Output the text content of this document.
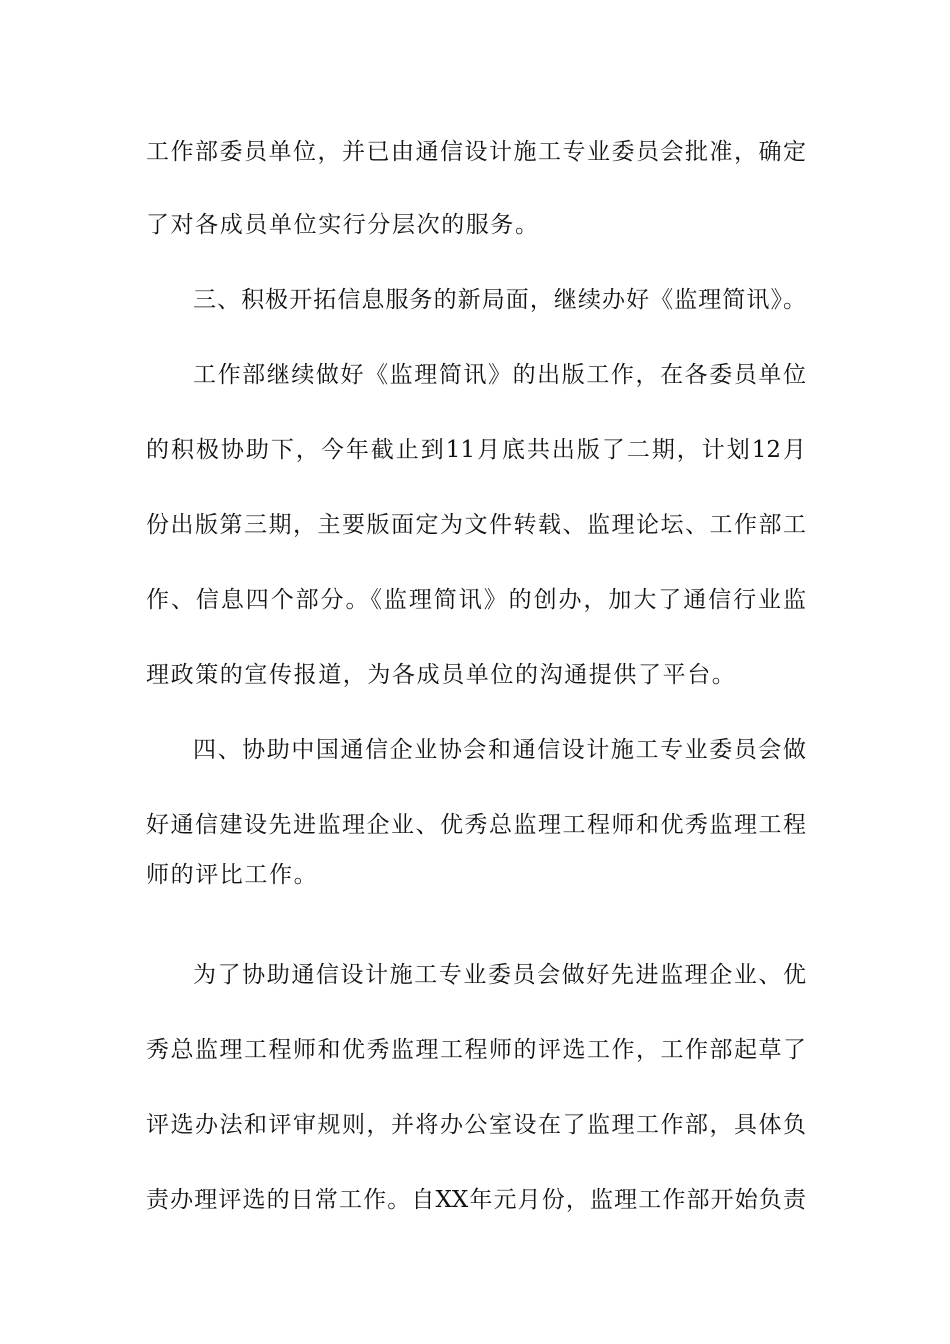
工作部委员单位，并已由通信设计施工专业委员会批准，确定
了对各成员单位实行分层次的服务。
三、积极开拓信息服务的新局面，继续办好《监理简讯》。
工作部继续做好《监理简讯》的出版工作，在各委员单位
的积极协助下，今年截止到11月底共出版了二期，计划12月
份出版第三期，主要版面定为文件转载、监理论坛、工作部工
作、信息四个部分。《监理简讯》的创办，加大了通信行业监
理政策的宣传报道，为各成员单位的沟通提供了平台。
四、协助中国通信企业协会和通信设计施工专业委员会做
好通信建设先进监理企业、优秀总监理工程师和优秀监理工程
师的评比工作。
为了协助通信设计施工专业委员会做好先进监理企业、优
秀总监理工程师和优秀监理工程师的评选工作，工作部起草了
评选办法和评审规则，并将办公室设在了监理工作部，具体负
责办理评选的日常工作。自XX年元月份，监理工作部开始负责
